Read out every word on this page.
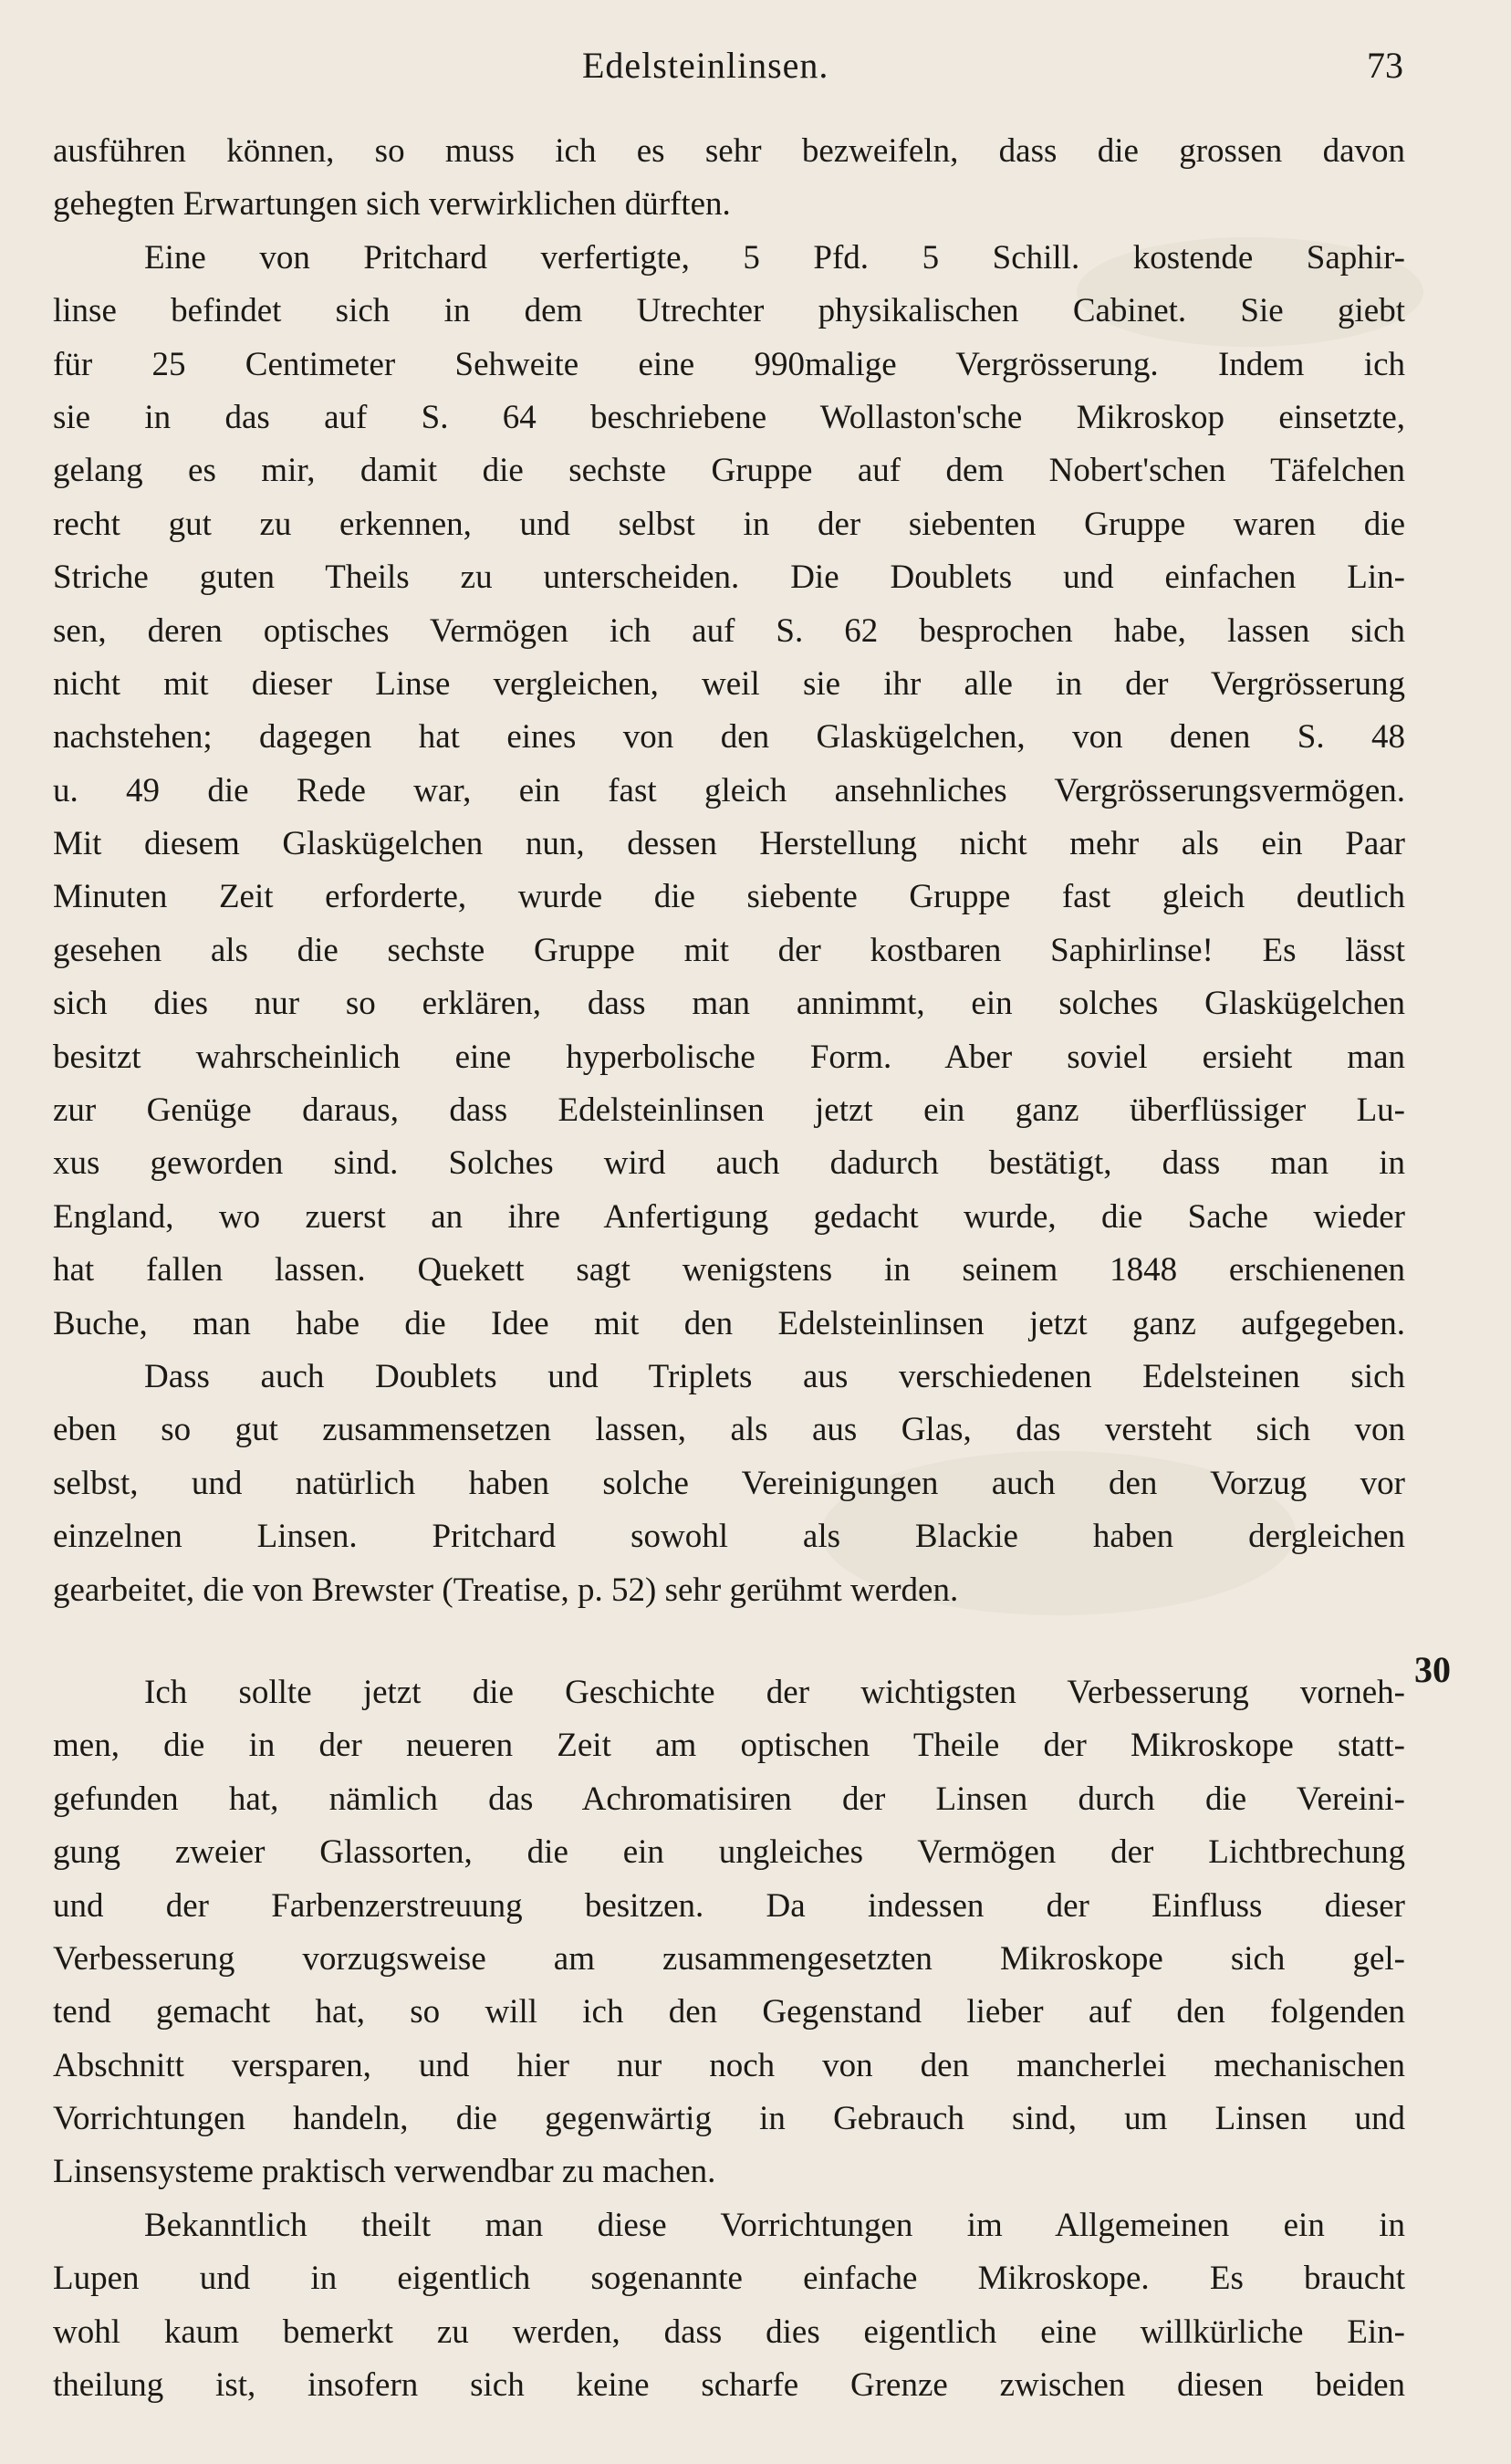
Edelsteinlinsen.	73
30
ausführen können, so muss ich es sehr bezweifeln, dass die grossen davon
gehegten Erwartungen sich verwirklichen dürften.
Eine von Pritchard verfertigte, 5 Pfd. 5 Schill. kostende Saphir-
linse befindet sich in dem Utrechter physikalischen Cabinet. Sie giebt
für 25 Centimeter Sehweite eine 990malige Vergrösserung. Indem ich
sie in das auf S. 64 beschriebene Wollaston'sche Mikroskop einsetzte,
gelang es mir, damit die sechste Gruppe auf dem Nobert'schen Täfelchen
recht gut zu erkennen, und selbst in der siebenten Gruppe waren die
Striche guten Theils zu unterscheiden. Die Doublets und einfachen Lin-
sen, deren optisches Vermögen ich auf S. 62 besprochen habe, lassen sich
nicht mit dieser Linse vergleichen, weil sie ihr alle in der Vergrösserung
nachstehen; dagegen hat eines von den Glaskügelchen, von denen S. 48
u. 49 die Rede war, ein fast gleich ansehnliches Vergrösserungsvermögen.
Mit diesem Glaskügelchen nun, dessen Herstellung nicht mehr als ein Paar
Minuten Zeit erforderte, wurde die siebente Gruppe fast gleich deutlich
gesehen als die sechste Gruppe mit der kostbaren Saphirlinse! Es lässt
sich dies nur so erklären, dass man annimmt, ein solches Glaskügelchen
besitzt wahrscheinlich eine hyperbolische Form. Aber soviel ersieht man
zur Genüge daraus, dass Edelsteinlinsen jetzt ein ganz überflüssiger Lu-
xus geworden sind. Solches wird auch dadurch bestätigt, dass man in
England, wo zuerst an ihre Anfertigung gedacht wurde, die Sache wieder
hat fallen lassen. Quekett sagt wenigstens in seinem 1848 erschienenen
Buche, man habe die Idee mit den Edelsteinlinsen jetzt ganz aufgegeben.
Dass auch Doublets und Triplets aus verschiedenen Edelsteinen sich
eben so gut zusammensetzen lassen, als aus Glas, das versteht sich von
selbst, und natürlich haben solche Vereinigungen auch den Vorzug vor
einzelnen Linsen. Pritchard sowohl als Blackie haben dergleichen
gearbeitet, die von Brewster (Treatise, p. 52) sehr gerühmt werden.
Ich sollte jetzt die Geschichte der wichtigsten Verbesserung vorneh-
men, die in der neueren Zeit am optischen Theile der Mikroskope statt-
gefunden hat, nämlich das Achromatisiren der Linsen durch die Vereini-
gung zweier Glassorten, die ein ungleiches Vermögen der Lichtbrechung
und der Farbenzerstreuung besitzen. Da indessen der Einfluss dieser
Verbesserung vorzugsweise am zusammengesetzten Mikroskope sich gel-
tend gemacht hat, so will ich den Gegenstand lieber auf den folgenden
Abschnitt versparen, und hier nur noch von den mancherlei mechanischen
Vorrichtungen handeln, die gegenwärtig in Gebrauch sind, um Linsen und
Linsensysteme praktisch verwendbar zu machen.
Bekanntlich theilt man diese Vorrichtungen im Allgemeinen ein in
Lupen und in eigentlich sogenannte einfache Mikroskope. Es braucht
wohl kaum bemerkt zu werden, dass dies eigentlich eine willkürliche Ein-
theilung ist, insofern sich keine scharfe Grenze zwischen diesen beiden
